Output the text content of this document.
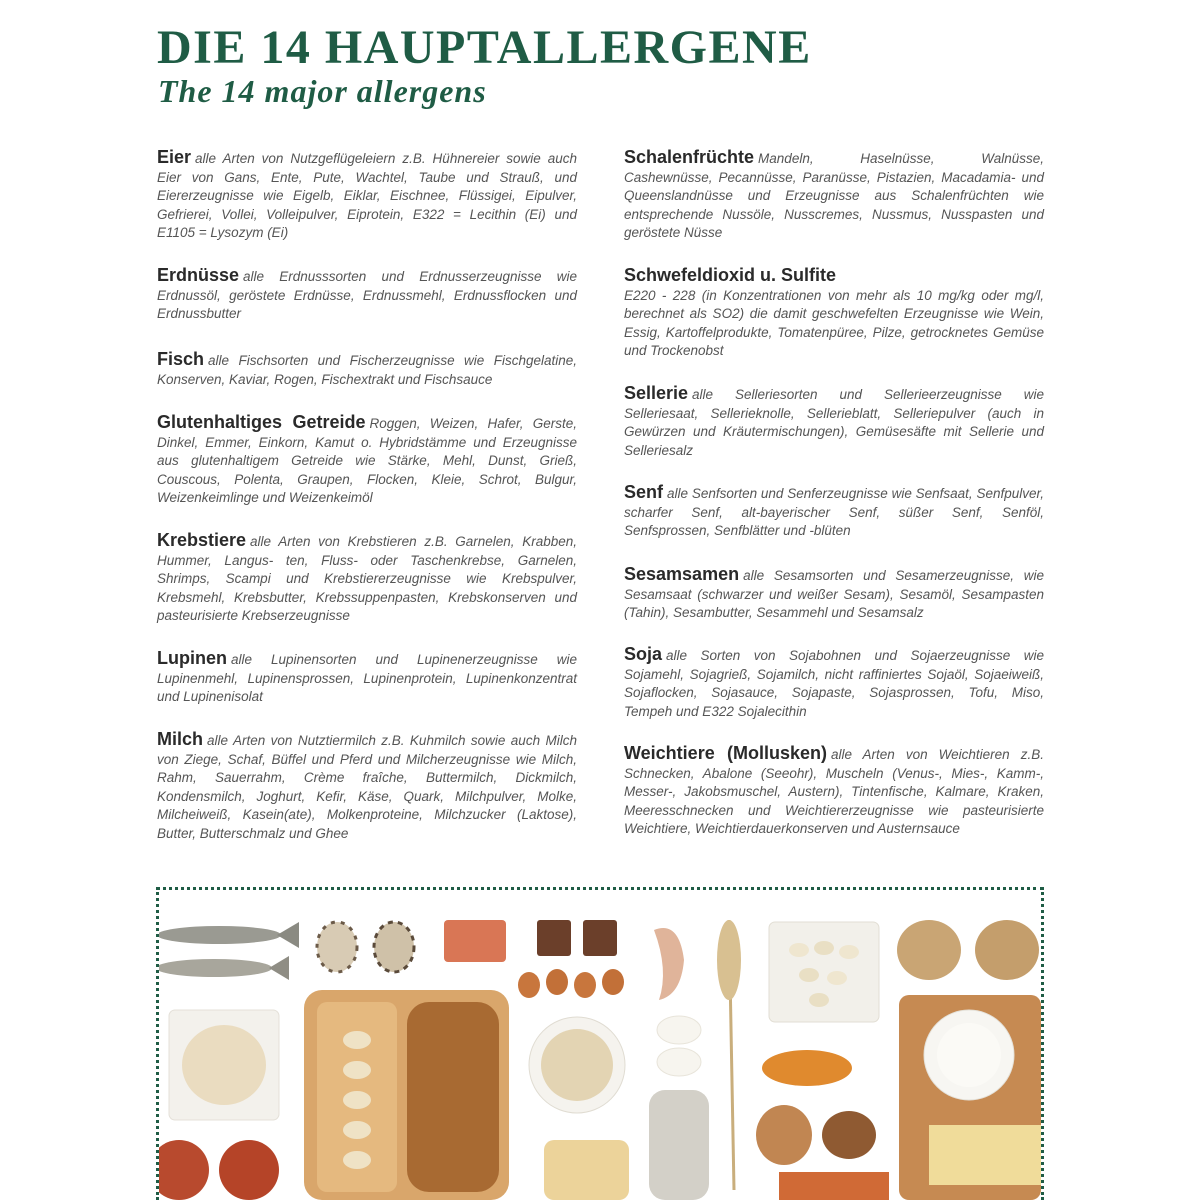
DIE 14 HAUPTALLERGENE
The 14 major allergens

Eier alle Arten von Nutzgeflügeleiern z.B. Hühnereier sowie auch Eier von Gans, Ente, Pute, Wachtel, Taube und Strauß, und Eiererzeugnisse wie Eigelb, Eiklar, Eischnee, Flüssigei, Eipulver, Gefrierei, Vollei, Volleipulver, Eiprotein, E322 = Lecithin (Ei) und E1105 = Lysozym (Ei)

Erdnüsse alle Erdnusssorten und Erdnusserzeugnisse wie Erdnussöl, geröstete Erdnüsse, Erdnussmehl, Erdnussflocken und Erdnussbutter

Fisch alle Fischsorten und Fischerzeugnisse wie Fischgelatine, Konserven, Kaviar, Rogen, Fischextrakt und Fischsauce

Glutenhaltiges Getreide Roggen, Weizen, Hafer, Gerste, Dinkel, Emmer, Einkorn, Kamut o. Hybridstämme und Erzeugnisse aus glutenhaltigem Getreide wie Stärke, Mehl, Dunst, Grieß, Couscous, Polenta, Graupen, Flocken, Kleie, Schrot, Bulgur, Weizenkeimlinge und Weizenkeimöl

Krebstiere alle Arten von Krebstieren z.B. Garnelen, Krabben, Hummer, Langus- ten, Fluss- oder Taschenkrebse, Garnelen, Shrimps, Scampi und Krebstiererzeugnisse wie Krebspulver, Krebsmehl, Krebsbutter, Krebssuppenpasten, Krebskonserven und pasteurisierte Krebserzeugnisse

Lupinen alle Lupinensorten und Lupinenerzeugnisse wie Lupinenmehl, Lupinensprossen, Lupinenprotein, Lupinenkonzentrat und Lupinenisolat

Milch alle Arten von Nutztiermilch z.B. Kuhmilch sowie auch Milch von Ziege, Schaf, Büffel und Pferd und Milcherzeugnisse wie Milch, Rahm, Sauerrahm, Crème fraîche, Buttermilch, Dickmilch, Kondensmilch, Joghurt, Kefir, Käse, Quark, Milchpulver, Molke, Milcheiweiß, Kasein(ate), Molkenproteine, Milchzucker (Laktose), Butter, Butterschmalz und Ghee

Schalenfrüchte Mandeln, Haselnüsse, Walnüsse, Cashewnüsse, Pecannüsse, Paranüsse, Pistazien, Macadamia- und Queenslandnüsse und Erzeugnisse aus Schalenfrüchten wie entsprechende Nussöle, Nusscremes, Nussmus, Nusspasten und geröstete Nüsse

Schwefeldioxid u. Sulfite
E220 - 228 (in Konzentrationen von mehr als 10 mg/kg oder mg/l, berechnet als SO2) die damit geschwefelten Erzeugnisse wie Wein, Essig, Kartoffelprodukte, Tomatenpüree, Pilze, getrocknetes Gemüse und Trockenobst

Sellerie alle Selleriesorten und Sellerieerzeugnisse wie Selleriesaat, Sellerieknolle, Sellerieblatt, Selleriepulver (auch in Gewürzen und Kräutermischungen), Gemüsesäfte mit Sellerie und Selleriesalz

Senf alle Senfsorten und Senferzeugnisse wie Senfsaat, Senfpulver, scharfer Senf, alt-bayerischer Senf, süßer Senf, Senföl, Senfsprossen, Senfblätter und -blüten

Sesamsamen alle Sesamsorten und Sesamerzeugnisse, wie Sesamsaat (schwarzer und weißer Sesam), Sesamöl, Sesampasten (Tahin), Sesambutter, Sesammehl und Sesamsalz

Soja alle Sorten von Sojabohnen und Sojaerzeugnisse wie Sojamehl, Sojagrieß, Sojamilch, nicht raffiniertes Sojaöl, Sojaeiweiß, Sojaflocken, Sojasauce, Sojapaste, Sojasprossen, Tofu, Miso, Tempeh und E322 Sojalecithin

Weichtiere (Mollusken) alle Arten von Weichtieren z.B. Schnecken, Abalone (Seeohr), Muscheln (Venus-, Mies-, Kamm-, Messer-, Jakobsmuschel, Austern), Tintenfische, Kalmare, Kraken, Meeresschnecken und Weichtiererzeugnisse wie pasteurisierte Weichtiere, Weichtierdauerkonserven und Austernsauce
